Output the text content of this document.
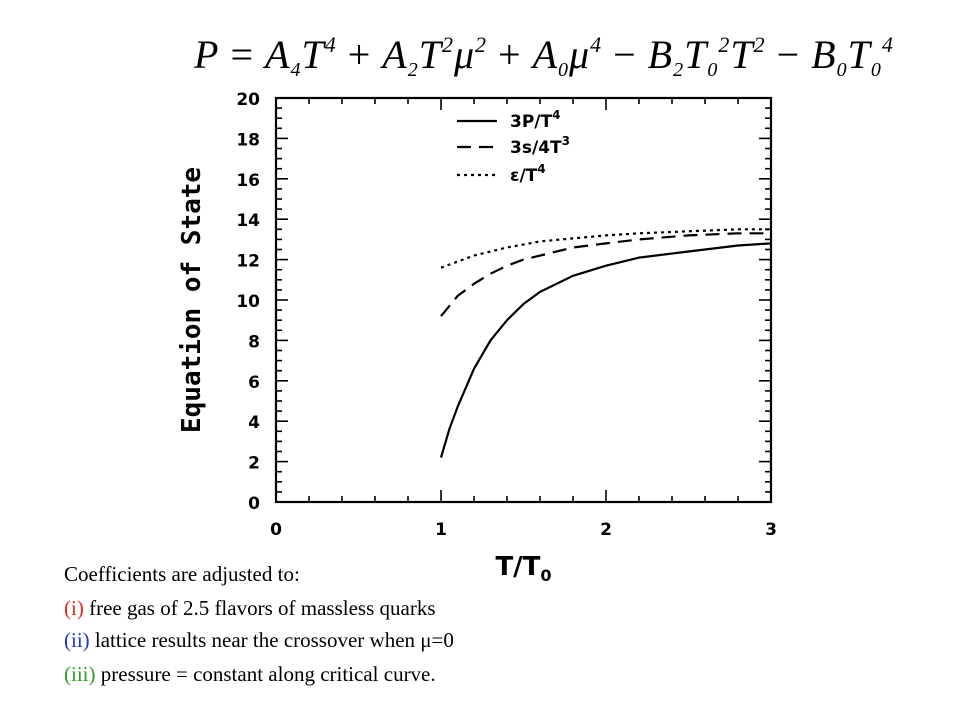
$P = A_4T^4 + A_2T^2\mu^2 + A_0\mu^4 - B_2T_0^2T^2 - B_0T_0^4$
0
2
4
6
8
10
12
14
16
18
20
0	1	2	3
Equation of State
$T/T_0$
$3P/T^4$
$3s/4T^3$
$\varepsilon/T^4$
Coefficients are adjusted to:
(i) free gas of 2.5 flavors of massless quarks
(ii) lattice results near the crossover when μ=0
(iii) pressure = constant along critical curve.
